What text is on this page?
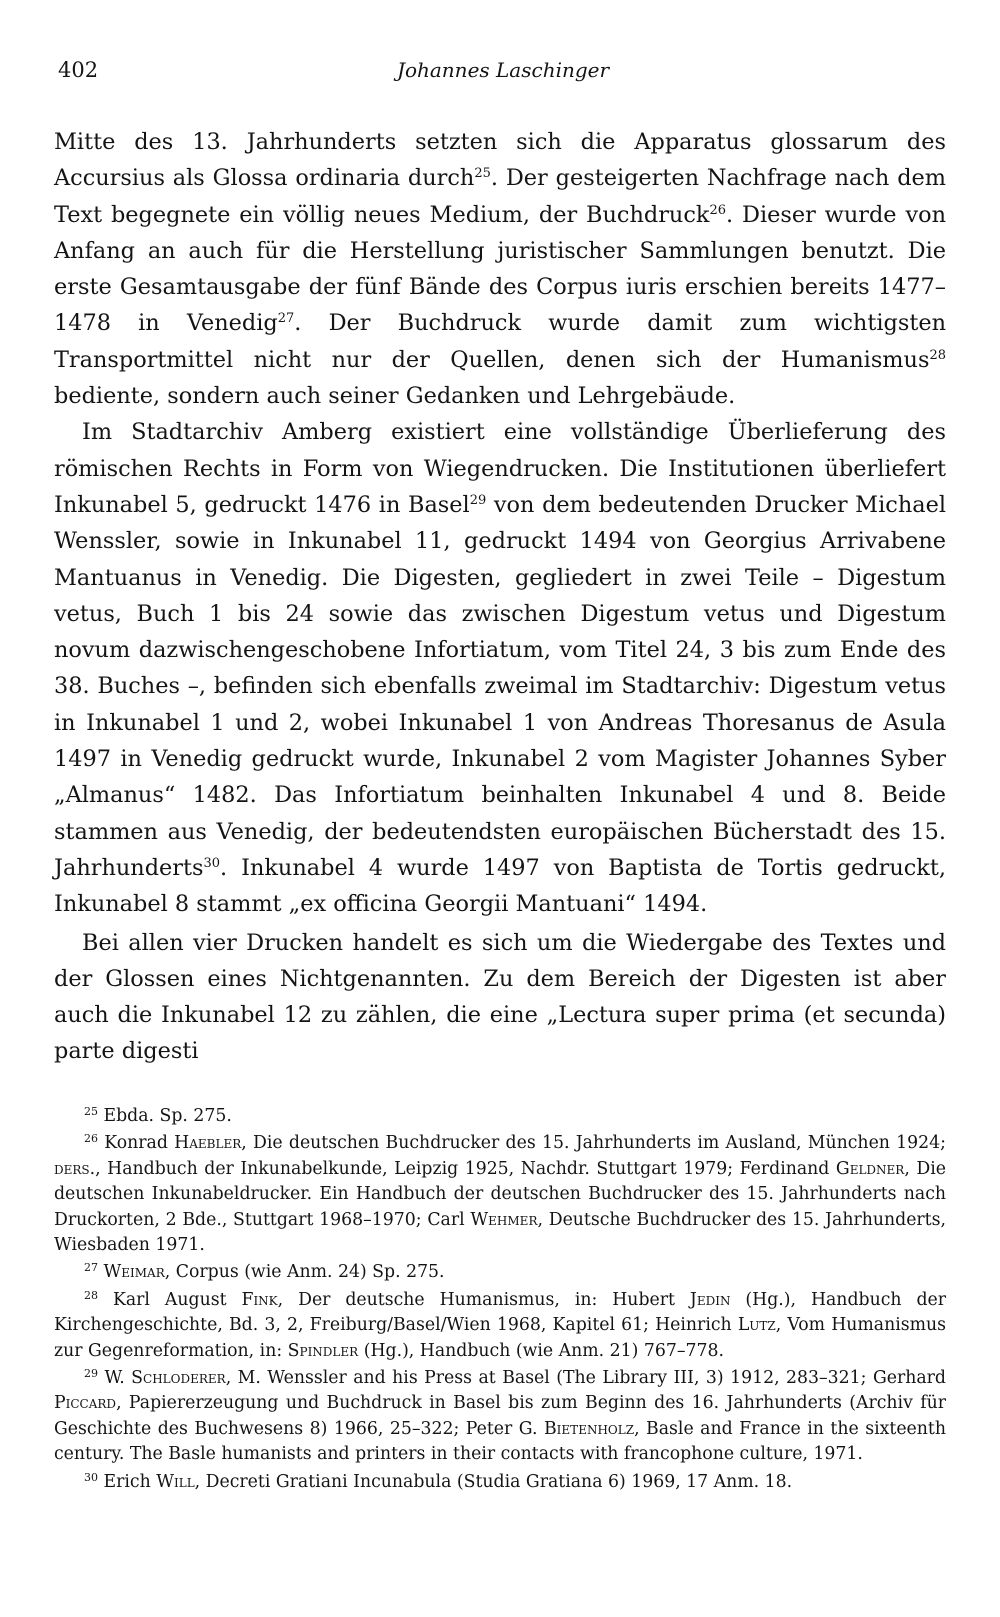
402	Johannes Laschinger

Mitte des 13. Jahrhunderts setzten sich die Apparatus glossarum des Accursius als Glossa ordinaria durch$^{25}$. Der gesteigerten Nachfrage nach dem Text begegnete ein völlig neues Medium, der Buchdruck$^{26}$. Dieser wurde von Anfang an auch für die Herstellung juristischer Sammlungen benutzt. Die erste Gesamtausgabe der fünf Bände des Corpus iuris erschien bereits 1477–1478 in Venedig$^{27}$. Der Buchdruck wurde damit zum wichtigsten Transportmittel nicht nur der Quellen, denen sich der Humanismus$^{28}$ bediente, sondern auch seiner Gedanken und Lehrgebäude.

Im Stadtarchiv Amberg existiert eine vollständige Überlieferung des römischen Rechts in Form von Wiegendrucken. Die Institutionen überliefert Inkunabel 5, gedruckt 1476 in Basel$^{29}$ von dem bedeutenden Drucker Michael Wenssler, sowie in Inkunabel 11, gedruckt 1494 von Georgius Arrivabene Mantuanus in Venedig. Die Digesten, gegliedert in zwei Teile – Digestum vetus, Buch 1 bis 24 sowie das zwischen Digestum vetus und Digestum novum dazwischengeschobene Infortiatum, vom Titel 24, 3 bis zum Ende des 38. Buches –, befinden sich ebenfalls zweimal im Stadtarchiv: Digestum vetus in Inkunabel 1 und 2, wobei Inkunabel 1 von Andreas Thoresanus de Asula 1497 in Venedig gedruckt wurde, Inkunabel 2 vom Magister Johannes Syber „Almanus“ 1482. Das Infortiatum beinhalten Inkunabel 4 und 8. Beide stammen aus Venedig, der bedeutendsten europäischen Bücherstadt des 15. Jahrhunderts$^{30}$. Inkunabel 4 wurde 1497 von Baptista de Tortis gedruckt, Inkunabel 8 stammt „ex officina Georgii Mantuani“ 1494.

Bei allen vier Drucken handelt es sich um die Wiedergabe des Textes und der Glossen eines Nichtgenannten. Zu dem Bereich der Digesten ist aber auch die Inkunabel 12 zu zählen, die eine „Lectura super prima (et secunda) parte digesti

$^{25}$ Ebda. Sp. 275.

$^{26}$ Konrad Haebler, Die deutschen Buchdrucker des 15. Jahrhunderts im Ausland, München 1924; ders., Handbuch der Inkunabelkunde, Leipzig 1925, Nachdr. Stuttgart 1979; Ferdinand Geldner, Die deutschen Inkunabeldrucker. Ein Handbuch der deutschen Buchdrucker des 15. Jahrhunderts nach Druckorten, 2 Bde., Stuttgart 1968–1970; Carl Wehmer, Deutsche Buchdrucker des 15. Jahrhunderts, Wiesbaden 1971.

$^{27}$ Weimar, Corpus (wie Anm. 24) Sp. 275.

$^{28}$ Karl August Fink, Der deutsche Humanismus, in: Hubert Jedin (Hg.), Handbuch der Kirchengeschichte, Bd. 3, 2, Freiburg/Basel/Wien 1968, Kapitel 61; Heinrich Lutz, Vom Humanismus zur Gegenreformation, in: Spindler (Hg.), Handbuch (wie Anm. 21) 767–778.

$^{29}$ W. Schloderer, M. Wenssler and his Press at Basel (The Library III, 3) 1912, 283–321; Gerhard Piccard, Papiererzeugung und Buchdruck in Basel bis zum Beginn des 16. Jahrhunderts (Archiv für Geschichte des Buchwesens 8) 1966, 25–322; Peter G. Bietenholz, Basle and France in the sixteenth century. The Basle humanists and printers in their contacts with francophone culture, 1971.

$^{30}$ Erich Will, Decreti Gratiani Incunabula (Studia Gratiana 6) 1969, 17 Anm. 18.
